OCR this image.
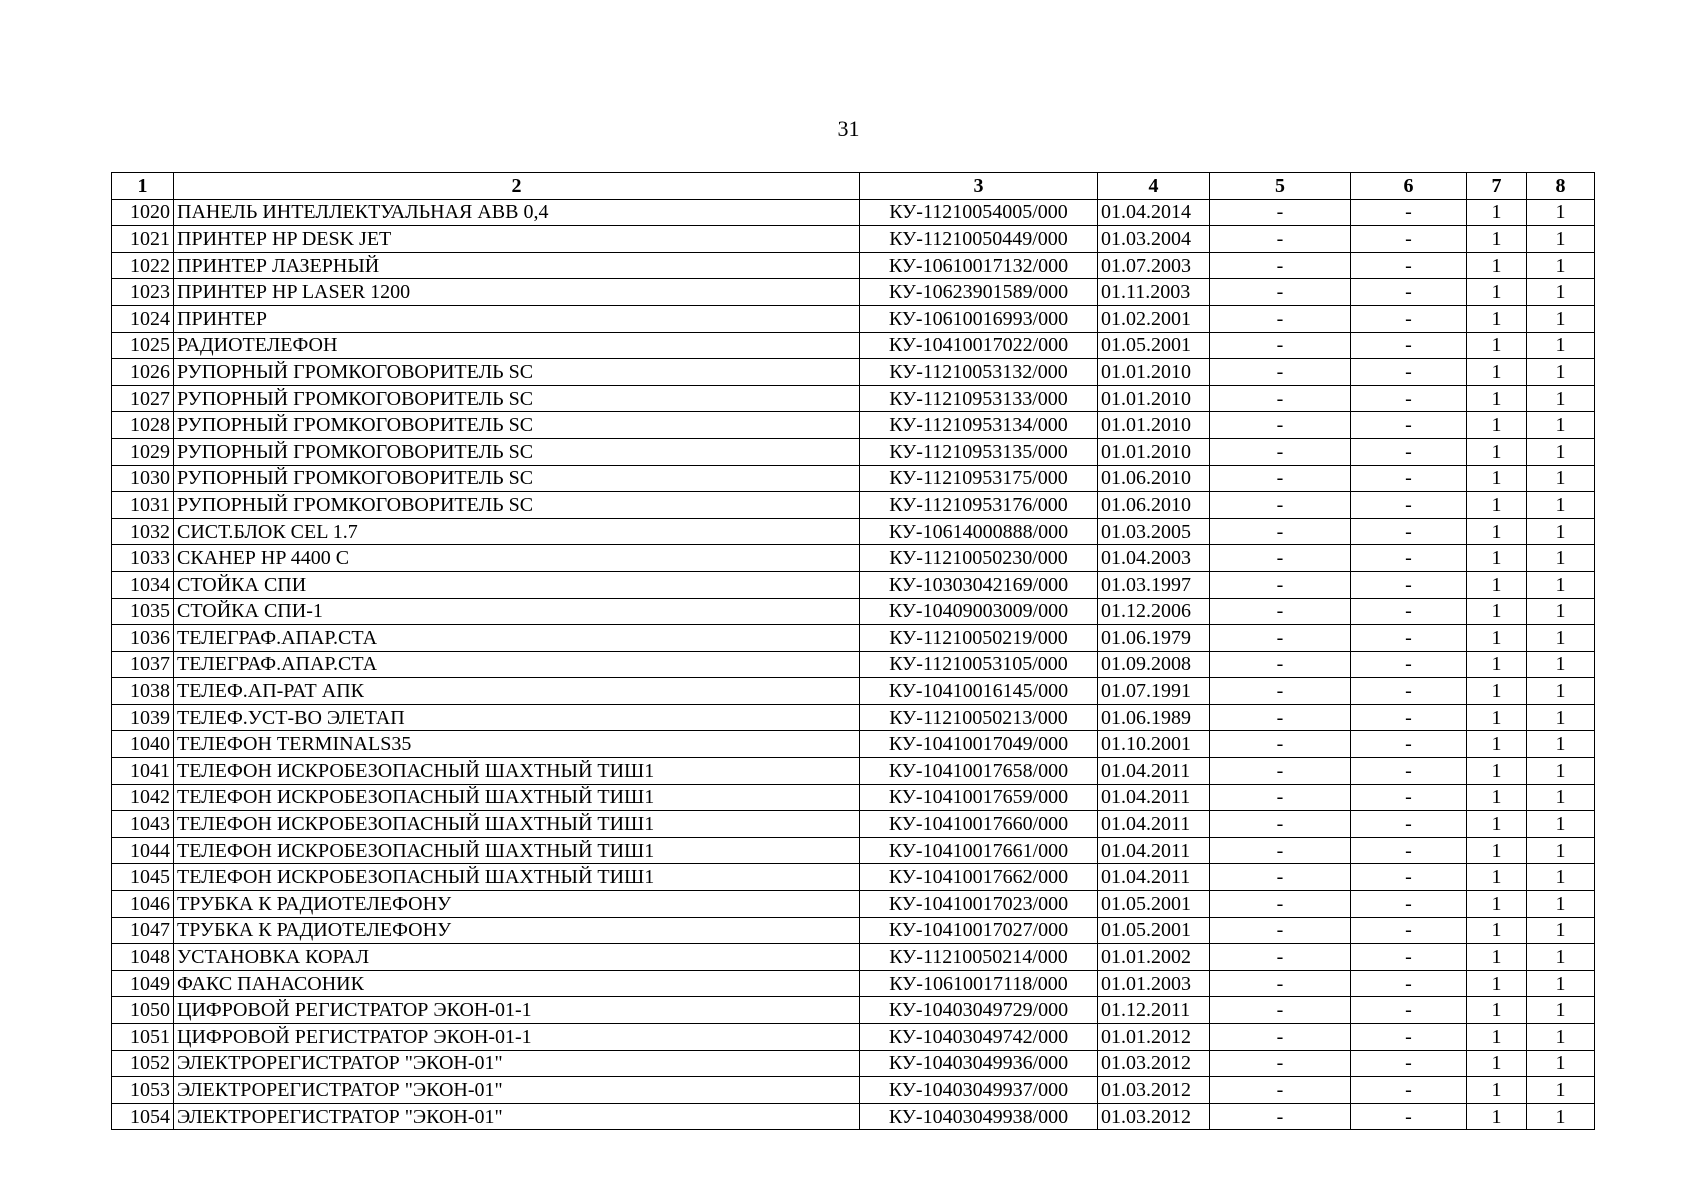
31
1	2	3	4	5	6	7	8
1020	ПАНЕЛЬ ИНТЕЛЛЕКТУАЛЬНАЯ ABB 0,4	КУ-11210054005/000	01.04.2014	-	-	1	1
1021	ПРИНТЕР HP DESK JET	КУ-11210050449/000	01.03.2004	-	-	1	1
1022	ПРИНТЕР ЛАЗЕРНЫЙ	КУ-10610017132/000	01.07.2003	-	-	1	1
1023	ПРИНТЕР HP LASER 1200	КУ-10623901589/000	01.11.2003	-	-	1	1
1024	ПРИНТЕР	КУ-10610016993/000	01.02.2001	-	-	1	1
1025	РАДИОТЕЛЕФОН	КУ-10410017022/000	01.05.2001	-	-	1	1
1026	РУПОРНЫЙ ГРОМКОГОВОРИТЕЛЬ SC	КУ-11210053132/000	01.01.2010	-	-	1	1
1027	РУПОРНЫЙ ГРОМКОГОВОРИТЕЛЬ SC	КУ-11210953133/000	01.01.2010	-	-	1	1
1028	РУПОРНЫЙ ГРОМКОГОВОРИТЕЛЬ SC	КУ-11210953134/000	01.01.2010	-	-	1	1
1029	РУПОРНЫЙ ГРОМКОГОВОРИТЕЛЬ SC	КУ-11210953135/000	01.01.2010	-	-	1	1
1030	РУПОРНЫЙ ГРОМКОГОВОРИТЕЛЬ SC	КУ-11210953175/000	01.06.2010	-	-	1	1
1031	РУПОРНЫЙ ГРОМКОГОВОРИТЕЛЬ SC	КУ-11210953176/000	01.06.2010	-	-	1	1
1032	СИСТ.БЛОК CEL 1.7	КУ-10614000888/000	01.03.2005	-	-	1	1
1033	СКАНЕР HP 4400 C	КУ-11210050230/000	01.04.2003	-	-	1	1
1034	СТОЙКА СПИ	КУ-10303042169/000	01.03.1997	-	-	1	1
1035	СТОЙКА СПИ-1	КУ-10409003009/000	01.12.2006	-	-	1	1
1036	ТЕЛЕГРАФ.АПАР.СТА	КУ-11210050219/000	01.06.1979	-	-	1	1
1037	ТЕЛЕГРАФ.АПАР.СТА	КУ-11210053105/000	01.09.2008	-	-	1	1
1038	ТЕЛЕФ.АП-РАТ АПК	КУ-10410016145/000	01.07.1991	-	-	1	1
1039	ТЕЛЕФ.УСТ-ВО ЭЛЕТАП	КУ-11210050213/000	01.06.1989	-	-	1	1
1040	ТЕЛЕФОН TERMINALS35	КУ-10410017049/000	01.10.2001	-	-	1	1
1041	ТЕЛЕФОН ИСКРОБЕЗОПАСНЫЙ ШАХТНЫЙ ТИШ1	КУ-10410017658/000	01.04.2011	-	-	1	1
1042	ТЕЛЕФОН ИСКРОБЕЗОПАСНЫЙ ШАХТНЫЙ ТИШ1	КУ-10410017659/000	01.04.2011	-	-	1	1
1043	ТЕЛЕФОН ИСКРОБЕЗОПАСНЫЙ ШАХТНЫЙ ТИШ1	КУ-10410017660/000	01.04.2011	-	-	1	1
1044	ТЕЛЕФОН ИСКРОБЕЗОПАСНЫЙ ШАХТНЫЙ ТИШ1	КУ-10410017661/000	01.04.2011	-	-	1	1
1045	ТЕЛЕФОН ИСКРОБЕЗОПАСНЫЙ ШАХТНЫЙ ТИШ1	КУ-10410017662/000	01.04.2011	-	-	1	1
1046	ТРУБКА К РАДИОТЕЛЕФОНУ	КУ-10410017023/000	01.05.2001	-	-	1	1
1047	ТРУБКА К РАДИОТЕЛЕФОНУ	КУ-10410017027/000	01.05.2001	-	-	1	1
1048	УСТАНОВКА КОРАЛ	КУ-11210050214/000	01.01.2002	-	-	1	1
1049	ФАКС ПАНАСОНИК	КУ-10610017118/000	01.01.2003	-	-	1	1
1050	ЦИФРОВОЙ РЕГИСТРАТОР ЭКОН-01-1	КУ-10403049729/000	01.12.2011	-	-	1	1
1051	ЦИФРОВОЙ РЕГИСТРАТОР ЭКОН-01-1	КУ-10403049742/000	01.01.2012	-	-	1	1
1052	ЭЛЕКТРОРЕГИСТРАТОР "ЭКОН-01"	КУ-10403049936/000	01.03.2012	-	-	1	1
1053	ЭЛЕКТРОРЕГИСТРАТОР "ЭКОН-01"	КУ-10403049937/000	01.03.2012	-	-	1	1
1054	ЭЛЕКТРОРЕГИСТРАТОР "ЭКОН-01"	КУ-10403049938/000	01.03.2012	-	-	1	1
